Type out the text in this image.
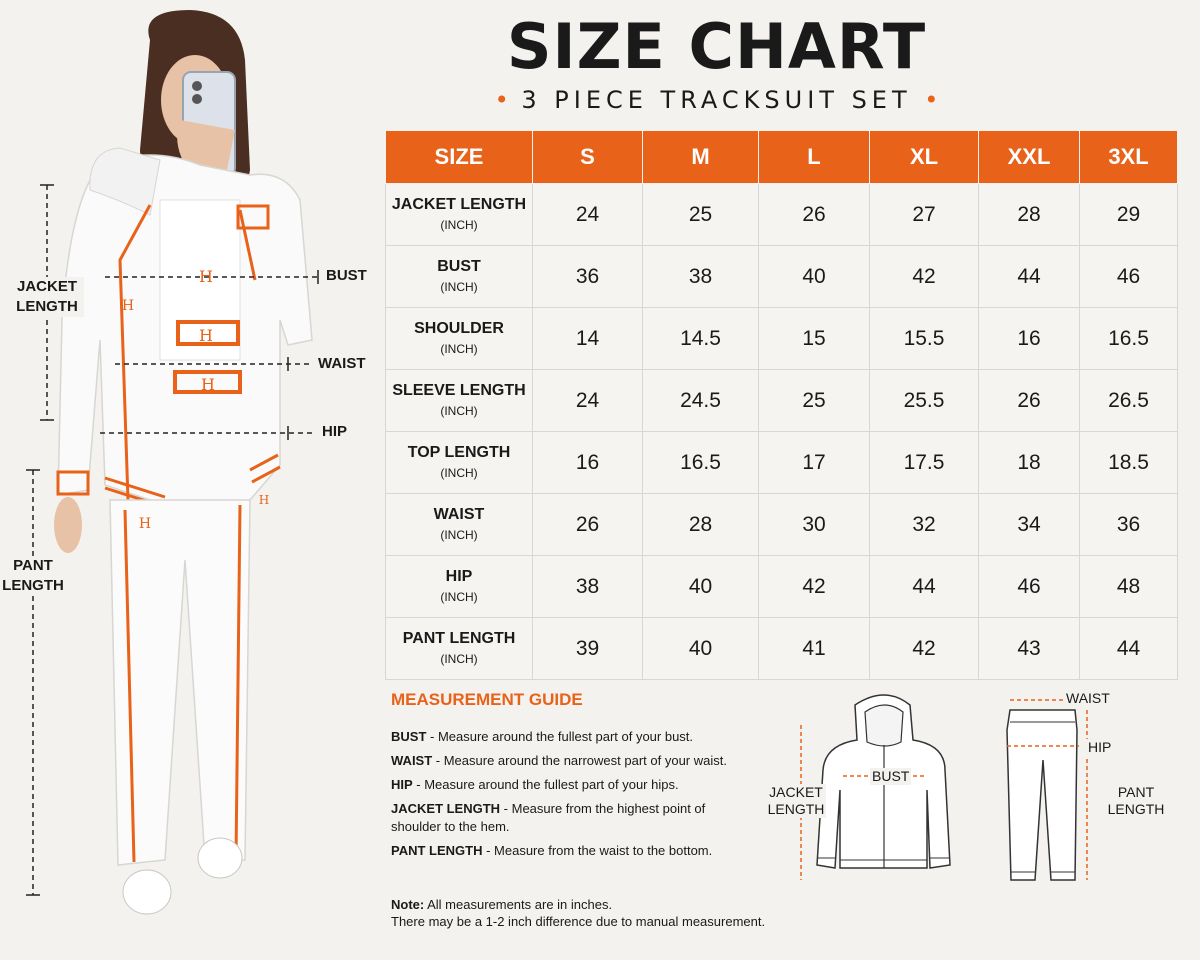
SIZE CHART
• 3 PIECE TRACKSUIT SET •
H
H
H
H
H
H
JACKET LENGTH
PANT LENGTH
BUST
WAIST
HIP
SIZE	S	M	L	XL	XXL	3XL
JACKET LENGTH
(INCH)	24	25	26	27	28	29
BUST
(INCH)	36	38	40	42	44	46
SHOULDER
(INCH)	14	14.5	15	15.5	16	16.5
SLEEVE LENGTH
(INCH)	24	24.5	25	25.5	26	26.5
TOP LENGTH
(INCH)	16	16.5	17	17.5	18	18.5
WAIST
(INCH)	26	28	30	32	34	36
HIP
(INCH)	38	40	42	44	46	48
PANT LENGTH
(INCH)	39	40	41	42	43	44
MEASUREMENT GUIDE

BUST - Measure around the fullest part of your bust.

WAIST - Measure around the narrowest part of your waist.

HIP - Measure around the fullest part of your hips.

JACKET LENGTH - Measure from the highest point of shoulder to the hem.

PANT LENGTH - Measure from the waist to the bottom.

Note: All measurements are in inches.
There may be a 1-2 inch difference due to manual measurement.
BUST
JACKET LENGTH
WAIST
HIP
PANT LENGTH
